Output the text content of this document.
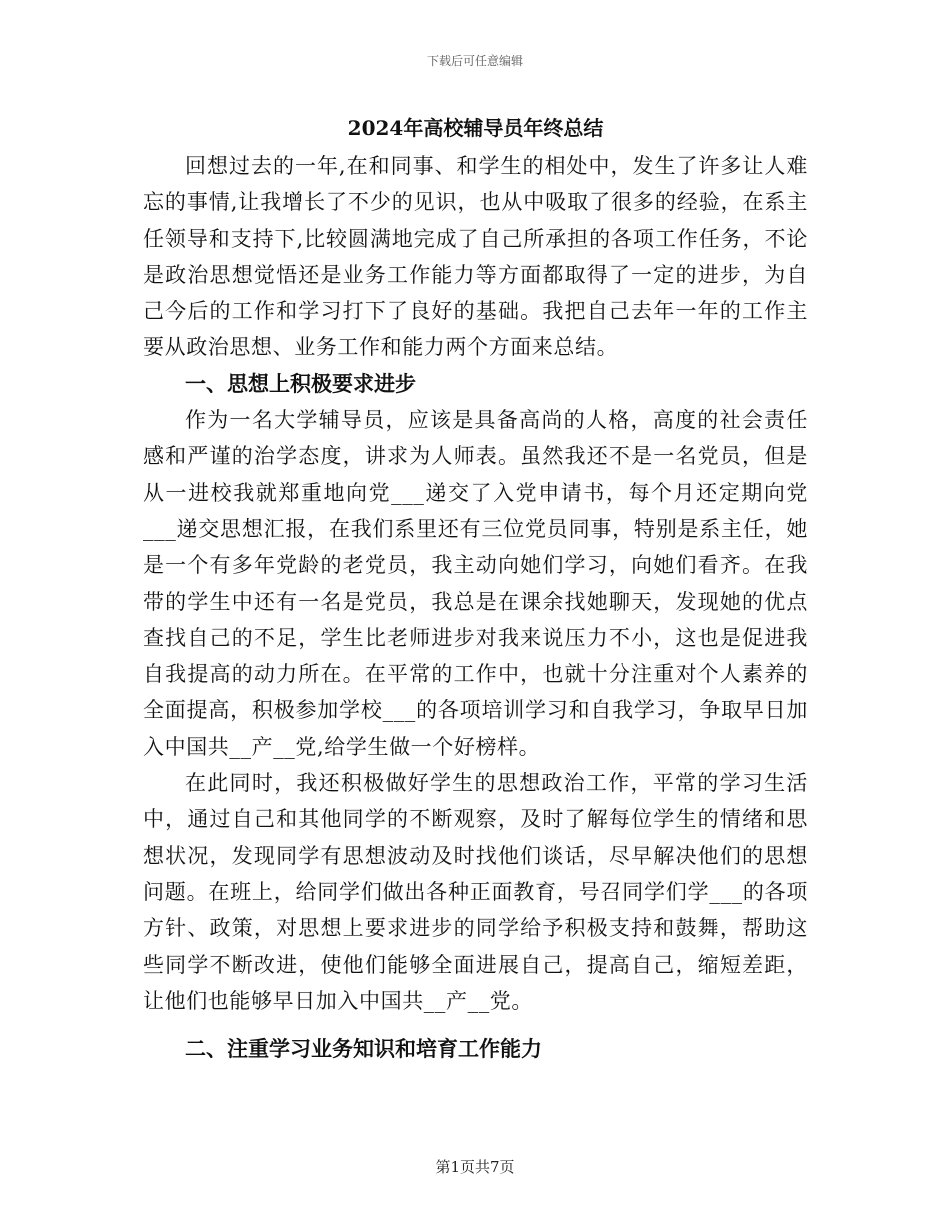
下载后可任意编辑
2024年高校辅导员年终总结

回想过去的一年,在和同事、和学生的相处中，发生了许多让人难忘的事情,让我增长了不少的见识，也从中吸取了很多的经验，在系主任领导和支持下,比较圆满地完成了自己所承担的各项工作任务，不论是政治思想觉悟还是业务工作能力等方面都取得了一定的进步，为自己今后的工作和学习打下了良好的基础。我把自己去年一年的工作主要从政治思想、业务工作和能力两个方面来总结。

一、思想上积极要求进步

作为一名大学辅导员，应该是具备高尚的人格，高度的社会责任感和严谨的治学态度，讲求为人师表。虽然我还不是一名党员，但是从一进校我就郑重地向党___递交了入党申请书，每个月还定期向党___递交思想汇报，在我们系里还有三位党员同事，特别是系主任，她是一个有多年党龄的老党员，我主动向她们学习，向她们看齐。在我带的学生中还有一名是党员，我总是在课余找她聊天，发现她的优点查找自己的不足，学生比老师进步对我来说压力不小，这也是促进我自我提高的动力所在。在平常的工作中，也就十分注重对个人素养的全面提高，积极参加学校___的各项培训学习和自我学习，争取早日加入中国共__产__党,给学生做一个好榜样。

在此同时，我还积极做好学生的思想政治工作，平常的学习生活中，通过自己和其他同学的不断观察，及时了解每位学生的情绪和思想状况，发现同学有思想波动及时找他们谈话，尽早解决他们的思想问题。在班上，给同学们做出各种正面教育，号召同学们学___的各项方针、政策，对思想上要求进步的同学给予积极支持和鼓舞，帮助这些同学不断改进，使他们能够全面进展自己，提高自己，缩短差距，让他们也能够早日加入中国共__产__党。

二、注重学习业务知识和培育工作能力

第1页共7页
